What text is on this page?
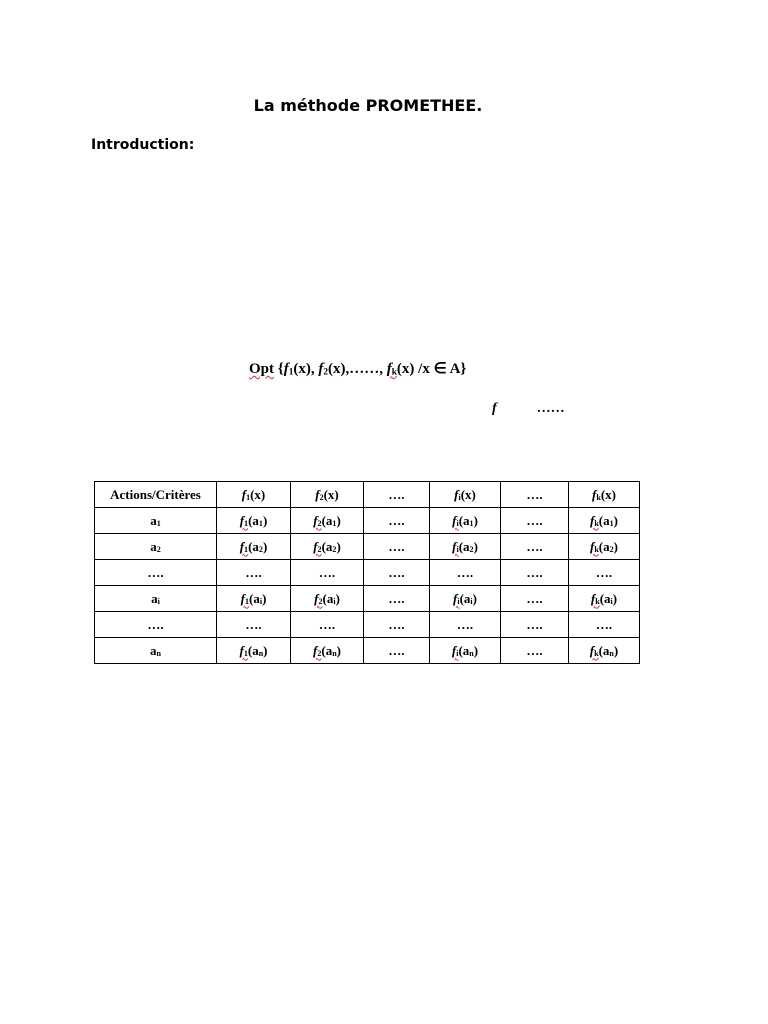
La méthode PROMETHEE.
Introduction:
Opt {$f_1(x)$, $f_2(x),\dots\dots$, $f_k(x)$ /x ∈ A}
f	……
Actions/Critères	$f_1(x)$	$f_2(x)$	….	$f_i(x)$	….	$f_k(x)$
$a_1$	$f_1(a_1)$	$f_2(a_1)$	….	$f_i(a_1)$	….	$f_k(a_1)$
$a_2$	$f_1(a_2)$	$f_2(a_2)$	….	$f_i(a_2)$	….	$f_k(a_2)$
….	….	….	….	….	….	….
$a_i$	$f_1(a_i)$	$f_2(a_i)$	….	$f_i(a_i)$	….	$f_k(a_i)$
….	….	….	….	….	….	….
$a_n$	$f_1(a_n)$	$f_2(a_n)$	….	$f_i(a_n)$	….	$f_k(a_n)$
